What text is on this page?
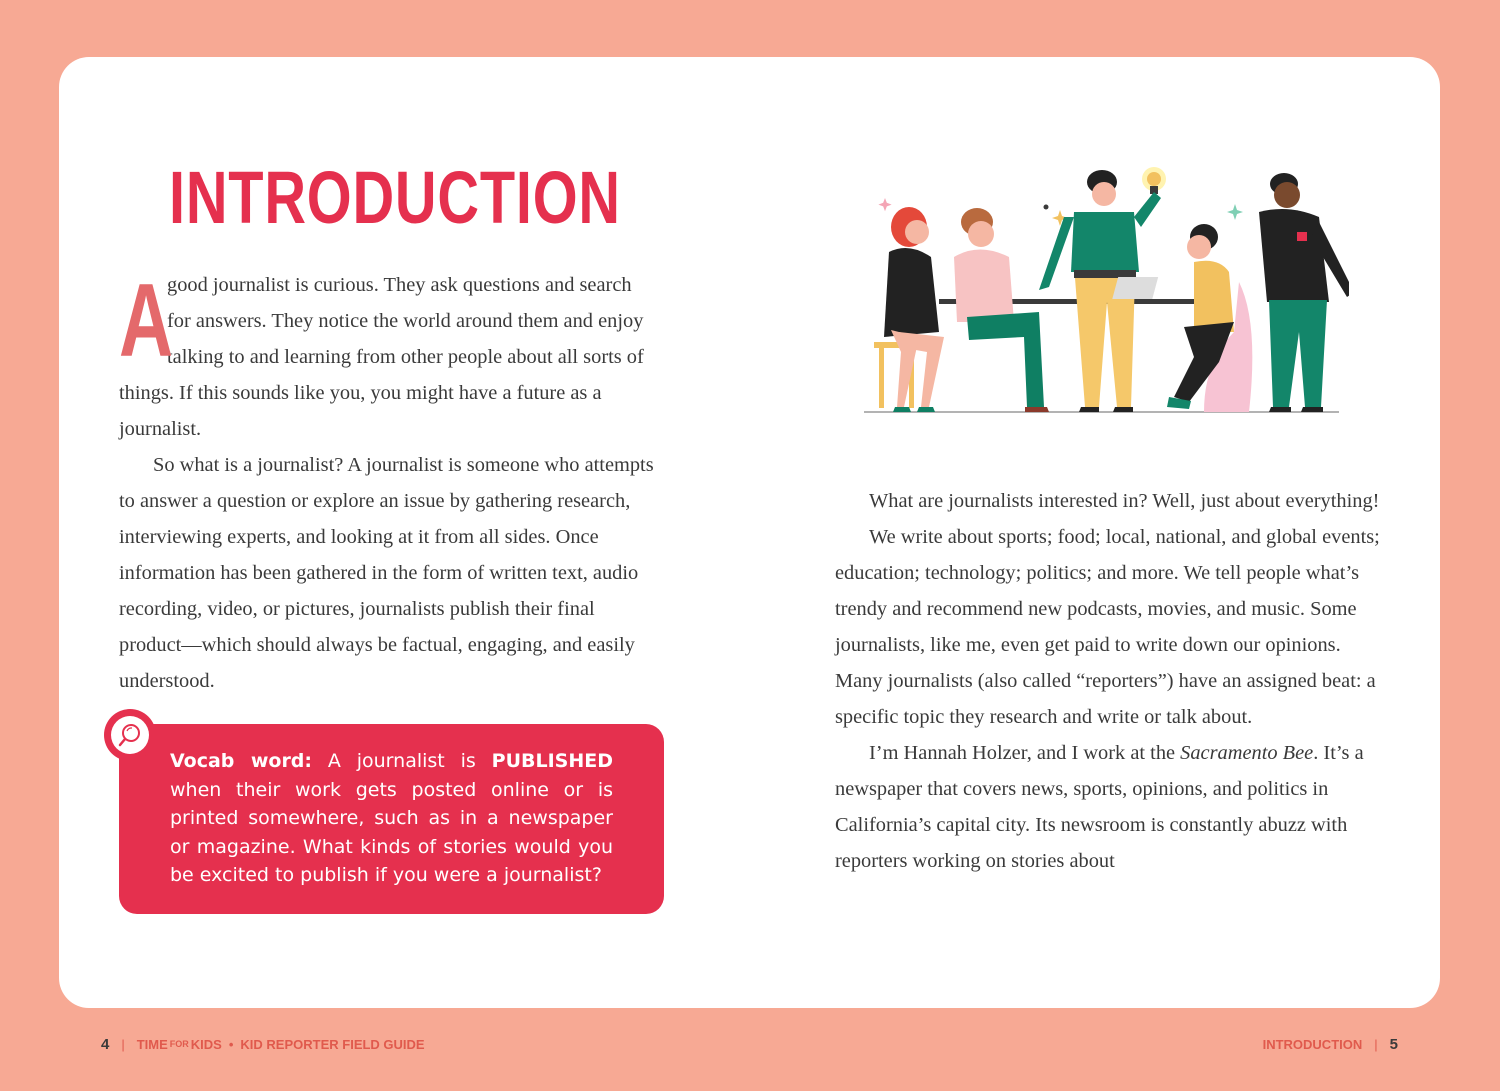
INTRODUCTION

A
good journalist is curious. They ask questions and search for answers. They notice the world around them and enjoy talking to and learning from other people about all sorts of things. If this sounds like you, you might have a future as a journalist.

So what is a journalist? A journalist is someone who attempts to answer a question or explore an issue by gathering research, interviewing experts, and looking at it from all sides. Once information has been gathered in the form of written text, audio recording, video, or pictures, journalists publish their final product—which should always be factual, engaging, and easily understood.

Vocab word: A journalist is PUBLISHED when their work gets posted online or is printed somewhere, such as in a newspaper or magazine. What kinds of stories would you be excited to publish if you were a journalist?

What are journalists interested in? Well, just about everything!

We write about sports; food; local, national, and global events; education; technology; politics; and more. We tell people what’s trendy and recommend new podcasts, movies, and music. Some journalists, like me, even get paid to write down our opinions. Many journalists (also called “reporters”) have an assigned beat: a specific topic they research and write or talk about.

I’m Hannah Holzer, and I work at the Sacramento Bee. It’s a newspaper that covers news, sports, opinions, and politics in California’s capital city. Its newsroom is constantly abuzz with reporters working on stories about

4 | TIME FOR KIDS • KID REPORTER FIELD GUIDE	INTRODUCTION | 5
